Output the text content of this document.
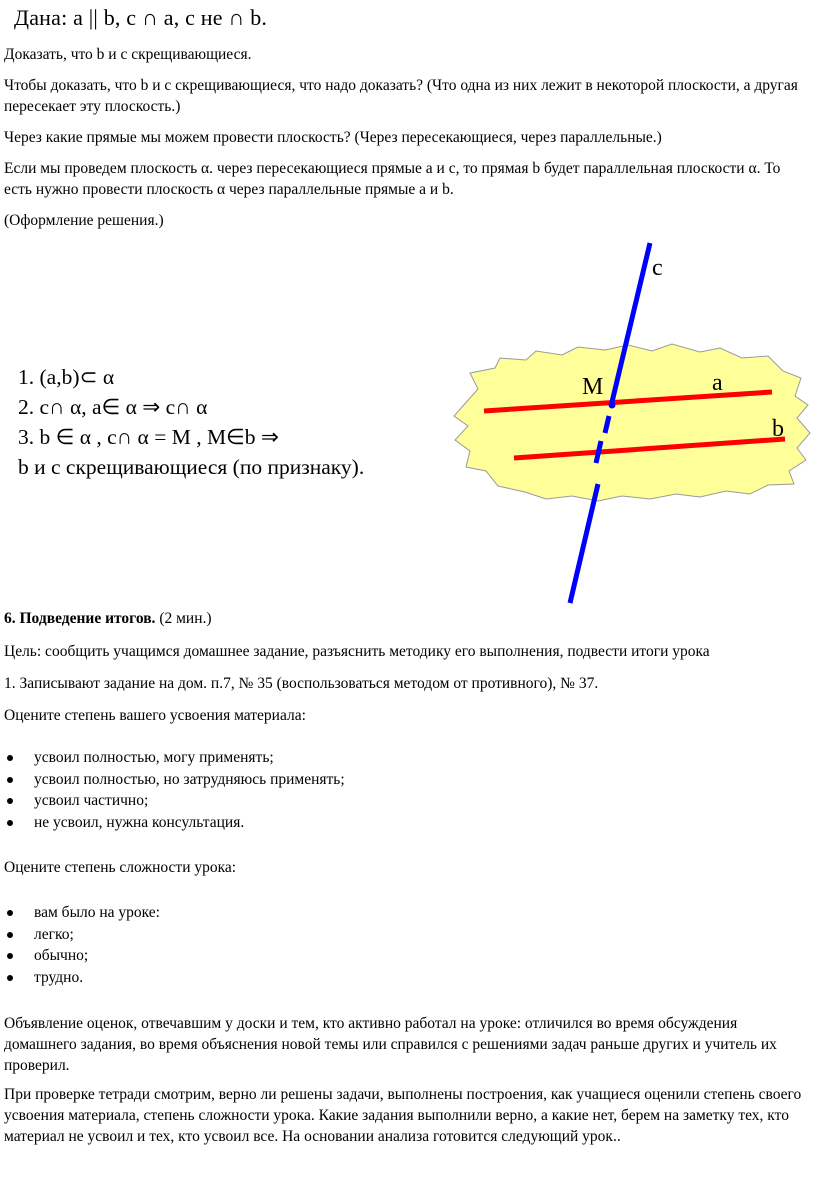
Дана: a || b, c ∩ a, c не ∩ b.

Доказать, что b и с скрещивающиеся.

Чтобы доказать, что b и с скрещивающиеся, что надо доказать? (Что одна из них лежит в некоторой плоскости, а другая пересекает эту плоскость.)

Через какие прямые мы можем провести плоскость? (Через пересекающиеся, через параллельные.)

Если мы проведем плоскость α. через пересекающиеся прямые а и с, то прямая b будет параллельная плоскости α. То есть нужно провести плоскость α через параллельные прямые а и b.

(Оформление решения.)

1. (a,b)⊂ α
2. c∩ α, a∈ α ⇒ c∩ α
3. b ∈ α , c∩ α = M , M∈b ⇒
b и с скрещивающиеся (по признаку).
c
M	a
b

6. Подведение итогов. (2 мин.)

Цель: сообщить учащимся домашнее задание, разъяснить методику его выполнения, подвести итоги урока

1. Записывают задание на дом. п.7, № 35 (воспользоваться методом от противного), № 37.

Оцените степень вашего усвоения материала:

усвоил полностью, могу применять;
усвоил полностью, но затрудняюсь применять;
усвоил частично;
не усвоил, нужна консультация.

Оцените степень сложности урока:

вам было на уроке:
легко;
обычно;
трудно.

Объявление оценок, отвечавшим у доски и тем, кто активно работал на уроке: отличился во время обсуждения домашнего задания, во время объяснения новой темы или справился с решениями задач раньше других и учитель их проверил.

При проверке тетради смотрим, верно ли решены задачи, выполнены построения, как учащиеся оценили степень своего усвоения материала, степень сложности урока. Какие задания выполнили верно, а какие нет, берем на заметку тех, кто материал не усвоил и тех, кто усвоил все. На основании анализа готовится следующий урок..
